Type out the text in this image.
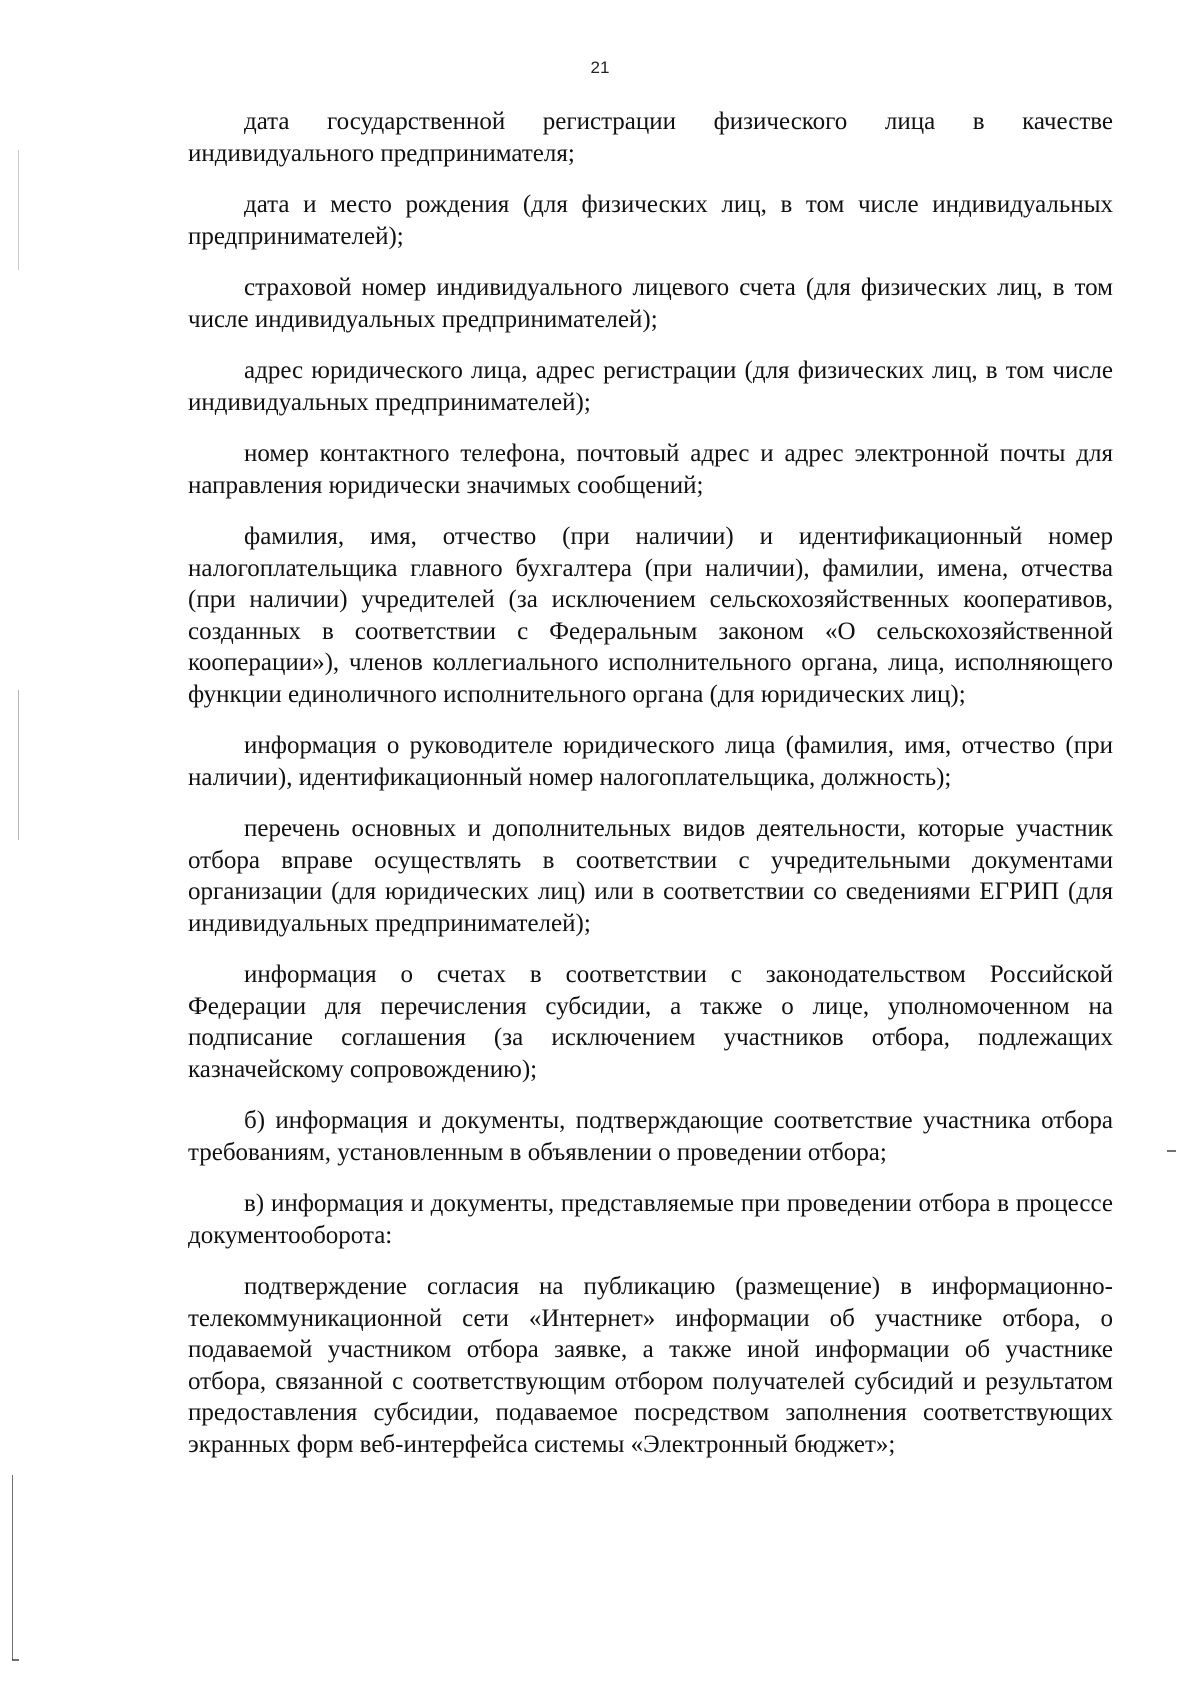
21

дата государственной регистрации физического лица в качестве индивидуального предпринимателя;

дата и место рождения (для физических лиц, в том числе индивидуальных предпринимателей);

страховой номер индивидуального лицевого счета (для физических лиц, в том числе индивидуальных предпринимателей);

адрес юридического лица, адрес регистрации (для физических лиц, в том числе индивидуальных предпринимателей);

номер контактного телефона, почтовый адрес и адрес электронной почты для направления юридически значимых сообщений;

фамилия, имя, отчество (при наличии) и идентификационный номер налогоплательщика главного бухгалтера (при наличии), фамилии, имена, отчества (при наличии) учредителей (за исключением сельскохозяйственных кооперативов, созданных в соответствии с Федеральным законом «О сельскохозяйственной кооперации»), членов коллегиального исполнительного органа, лица, исполняющего функции единоличного исполнительного органа (для юридических лиц);

информация о руководителе юридического лица (фамилия, имя, отчество (при наличии), идентификационный номер налогоплательщика, должность);

перечень основных и дополнительных видов деятельности, которые участник отбора вправе осуществлять в соответствии с учредительными документами организации (для юридических лиц) или в соответствии со сведениями ЕГРИП (для индивидуальных предпринимателей);

информация о счетах в соответствии с законодательством Российской Федерации для перечисления субсидии, а также о лице, уполномоченном на подписание соглашения (за исключением участников отбора, подлежащих казначейскому сопровождению);

б) информация и документы, подтверждающие соответствие участника отбора требованиям, установленным в объявлении о проведении отбора;

в) информация и документы, представляемые при проведении отбора в процессе документооборота:

подтверждение согласия на публикацию (размещение) в информационно-телекоммуникационной сети «Интернет» информации об участнике отбора, о подаваемой участником отбора заявке, а также иной информации об участнике отбора, связанной с соответствующим отбором получателей субсидий и результатом предоставления субсидии, подаваемое посредством заполнения соответствующих экранных форм веб-интерфейса системы «Электронный бюджет»;
